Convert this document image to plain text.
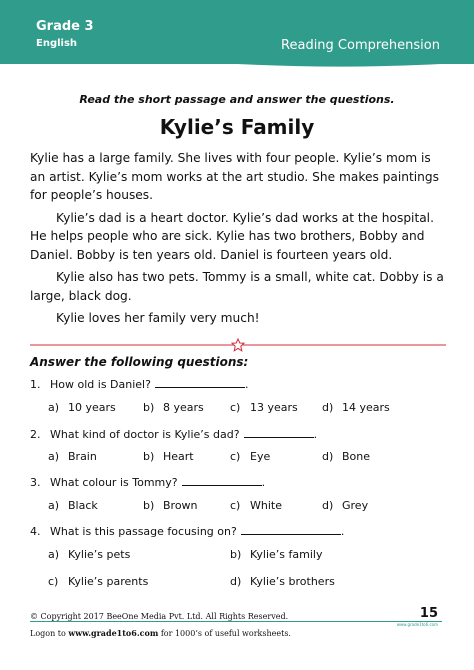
Grade 3
English	Reading Comprehension
Read the short passage and answer the questions.
Kylie’s Family

Kylie has a large family. She lives with four people. Kylie’s mom is an artist. Kylie’s mom works at the art studio. She makes paintings for people’s houses.

Kylie’s dad is a heart doctor. Kylie’s dad works at the hospital. He helps people who are sick. Kylie has two brothers, Bobby and Daniel. Bobby is ten years old. Daniel is fourteen years old.

Kylie also has two pets. Tommy is a small, white cat. Dobby is a large, black dog.

Kylie loves her family very much!

Answer the following questions:
1. How old is Daniel?	.
a) 10 years b) 8 years c) 13 years d) 14 years
2. What kind of doctor is Kylie’s dad?	.
a) Brain	b) Heart	c) Eye	d) Bone
3. What colour is Tommy?	.
a) Black	b) Brown	c) White	d) Grey
4. What is this passage focusing on?	.
a) Kylie’s pets	b) Kylie’s family
c) Kylie’s parents	d) Kylie’s brothers
© Copyright 2017 BeeOne Media Pvt. Ltd. All Rights Reserved.
Logon to www.grade1to6.com for 1000’s of useful worksheets.
15
www.grade1to6.com
